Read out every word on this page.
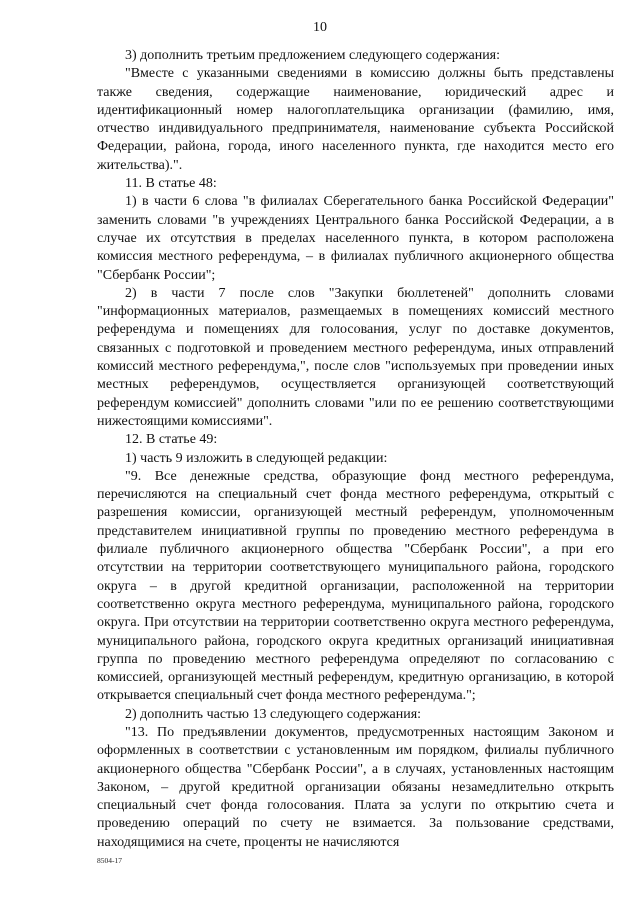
10

3) дополнить третьим предложением следующего содержания:

"Вместе с указанными сведениями в комиссию должны быть представлены также сведения, содержащие наименование, юридический адрес и идентификационный номер налогоплательщика организации (фамилию, имя, отчество индивидуального предпринимателя, наименование субъекта Российской Федерации, района, города, иного населенного пункта, где находится место его жительства).".

11. В статье 48:

1) в части 6 слова "в филиалах Сберегательного банка Российской Федерации" заменить словами "в учреждениях Центрального банка Российской Федерации, а в случае их отсутствия в пределах населенного пункта, в котором расположена комиссия местного референдума, – в филиалах публичного акционерного общества "Сбербанк России";

2) в части 7 после слов "Закупки бюллетеней" дополнить словами "информационных материалов, размещаемых в помещениях комиссий местного референдума и помещениях для голосования, услуг по доставке документов, связанных с подготовкой и проведением местного референдума, иных отправлений комиссий местного референдума,", после слов "используемых при проведении иных местных референдумов, осуществляется организующей соответствующий референдум комиссией" дополнить словами "или по ее решению соответствующими нижестоящими комиссиями".

12. В статье 49:

1) часть 9 изложить в следующей редакции:

"9. Все денежные средства, образующие фонд местного референдума, перечисляются на специальный счет фонда местного референдума, открытый с разрешения комиссии, организующей местный референдум, уполномоченным представителем инициативной группы по проведению местного референдума в филиале публичного акционерного общества "Сбербанк России", а при его отсутствии на территории соответствующего муниципального района, городского округа – в другой кредитной организации, расположенной на территории соответственно округа местного референдума, муниципального района, городского округа. При отсутствии на территории соответственно округа местного референдума, муниципального района, городского округа кредитных организаций инициативная группа по проведению местного референдума определяют по согласованию с комиссией, организующей местный референдум, кредитную организацию, в которой открывается специальный счет фонда местного референдума.";

2) дополнить частью 13 следующего содержания:

"13. По предъявлении документов, предусмотренных настоящим Законом и оформленных в соответствии с установленным им порядком, филиалы публичного акционерного общества "Сбербанк России", а в случаях, установленных настоящим Законом, – другой кредитной организации обязаны незамедлительно открыть специальный счет фонда голосования. Плата за услуги по открытию счета и проведению операций по счету не взимается. За пользование средствами, находящимися на счете, проценты не начисляются

8504-17
